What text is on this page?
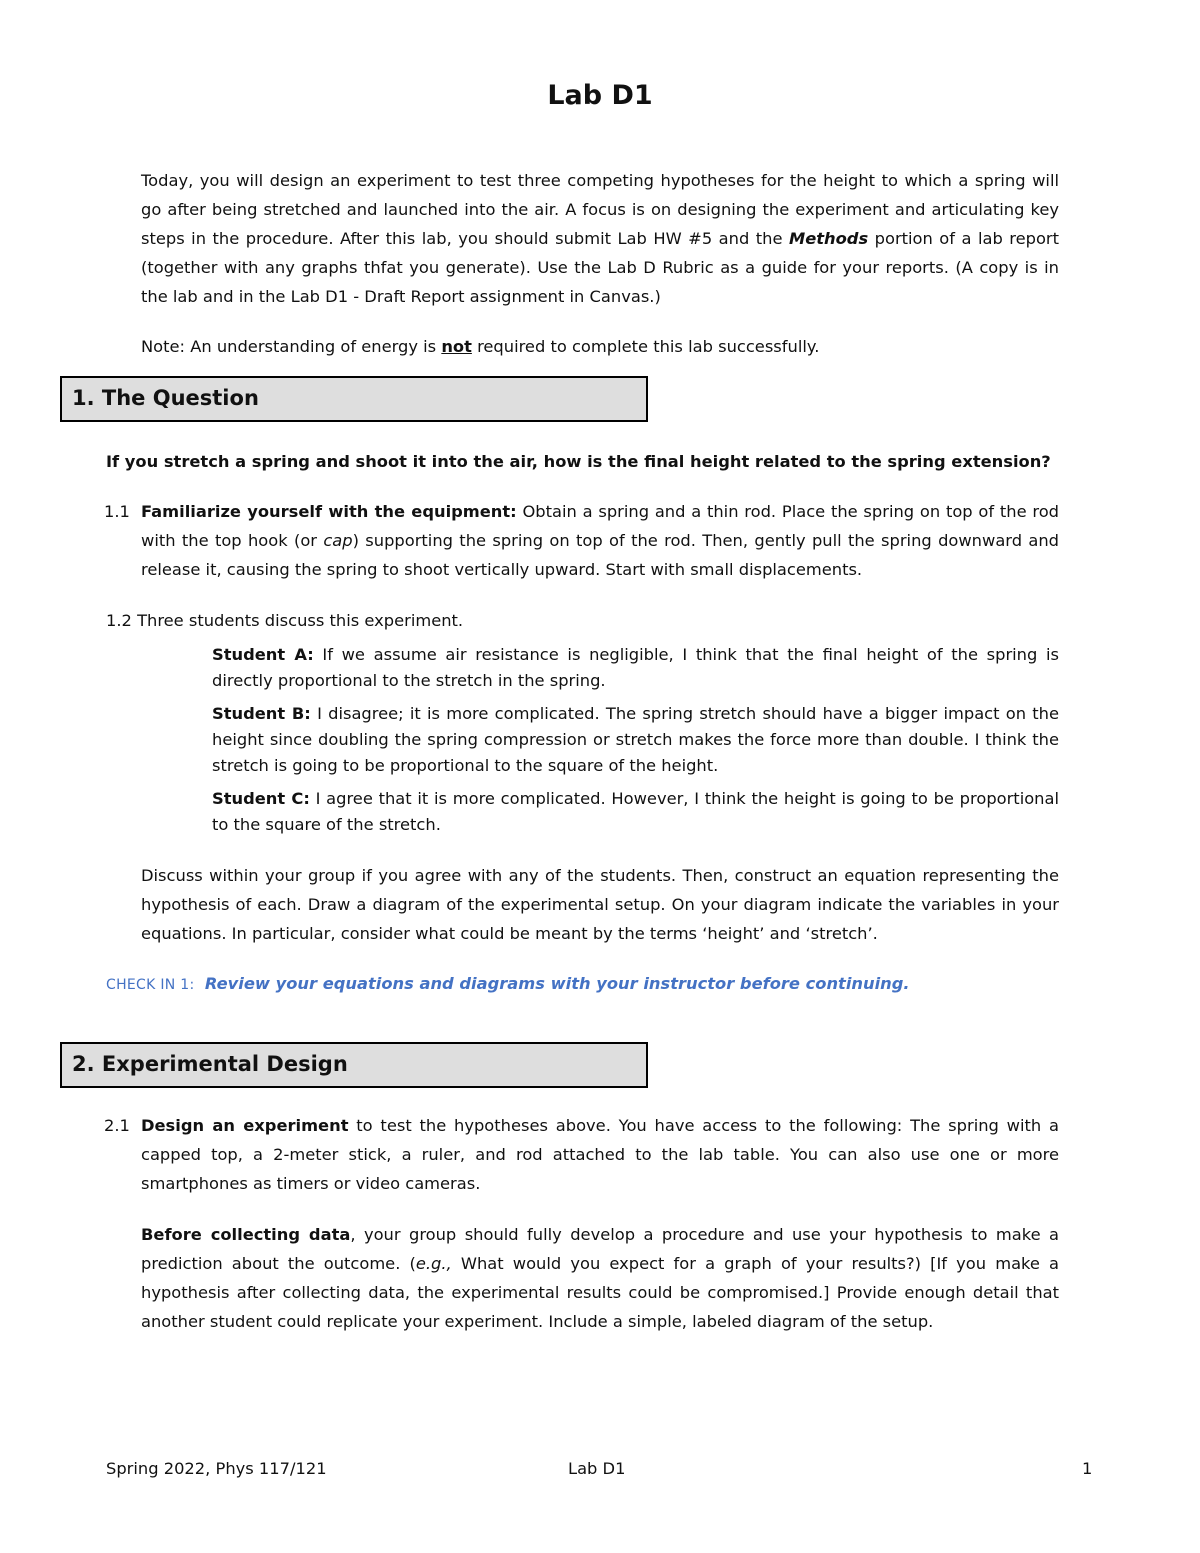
Lab D1
Today, you will design an experiment to test three competing hypotheses for the height to which a spring will go after being stretched and launched into the air. A focus is on designing the experiment and articulating key steps in the procedure. After this lab, you should submit Lab HW #5 and the Methods portion of a lab report (together with any graphs thfat you generate). Use the Lab D Rubric as a guide for your reports. (A copy is in the lab and in the Lab D1 - Draft Report assignment in Canvas.)
Note: An understanding of energy is not required to complete this lab successfully.
1. The Question
If you stretch a spring and shoot it into the air, how is the final height related to the spring extension?
1.1 Familiarize yourself with the equipment: Obtain a spring and a thin rod. Place the spring on top of the rod with the top hook (or cap) supporting the spring on top of the rod. Then, gently pull the spring downward and release it, causing the spring to shoot vertically upward. Start with small displacements.
1.2 Three students discuss this experiment.
Student A: If we assume air resistance is negligible, I think that the final height of the spring is directly proportional to the stretch in the spring.
Student B: I disagree; it is more complicated. The spring stretch should have a bigger impact on the height since doubling the spring compression or stretch makes the force more than double. I think the stretch is going to be proportional to the square of the height.
Student C: I agree that it is more complicated. However, I think the height is going to be proportional to the square of the stretch.
Discuss within your group if you agree with any of the students. Then, construct an equation representing the hypothesis of each. Draw a diagram of the experimental setup. On your diagram indicate the variables in your equations. In particular, consider what could be meant by the terms ‘height’ and ‘stretch’.
CHECK IN 1: Review your equations and diagrams with your instructor before continuing.
2. Experimental Design
2.1 Design an experiment to test the hypotheses above. You have access to the following: The spring with a capped top, a 2-meter stick, a ruler, and rod attached to the lab table. You can also use one or more smartphones as timers or video cameras.
Before collecting data, your group should fully develop a procedure and use your hypothesis to make a prediction about the outcome. (e.g., What would you expect for a graph of your results?) [If you make a hypothesis after collecting data, the experimental results could be compromised.] Provide enough detail that another student could replicate your experiment. Include a simple, labeled diagram of the setup.
Spring 2022, Phys 117/121	Lab D1	1
